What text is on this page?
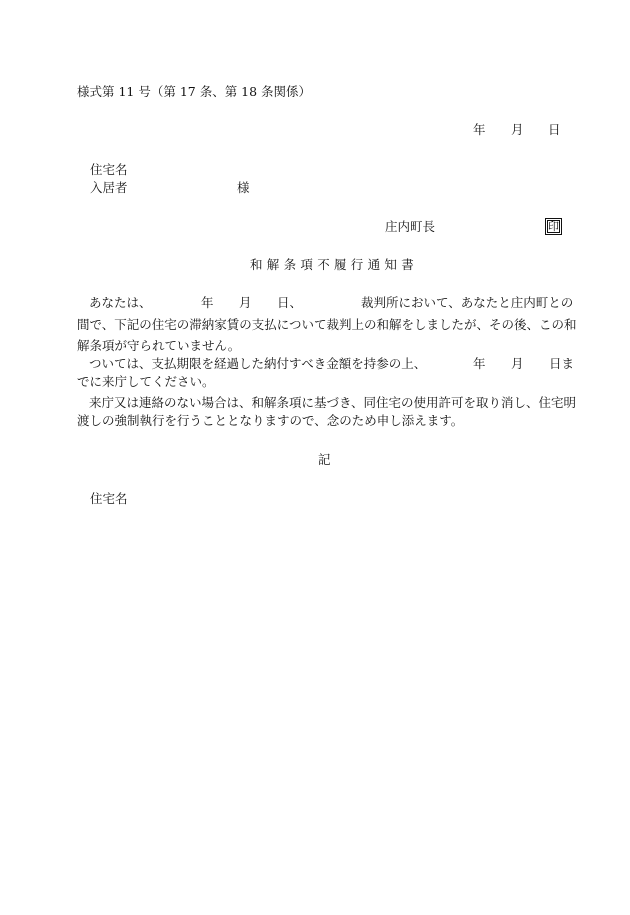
様式第 11 号（第 17 条、第 18 条関係）
年 月 日
住宅名
入居者	様
庄内町長	印
和解条項不履行通知書
あなたは、	年 月 日、	裁判所において、あなたと庄内町との
間で、下記の住宅の滞納家賃の支払について裁判上の和解をしましたが、その後、この和
解条項が守られていません。
ついては、支払期限を経過した納付すべき金額を持参の上、	年 月 日ま
でに来庁してください。
来庁又は連絡のない場合は、和解条項に基づき、同住宅の使用許可を取り消し、住宅明
渡しの強制執行を行うこととなりますので、念のため申し添えます。
記
住宅名
